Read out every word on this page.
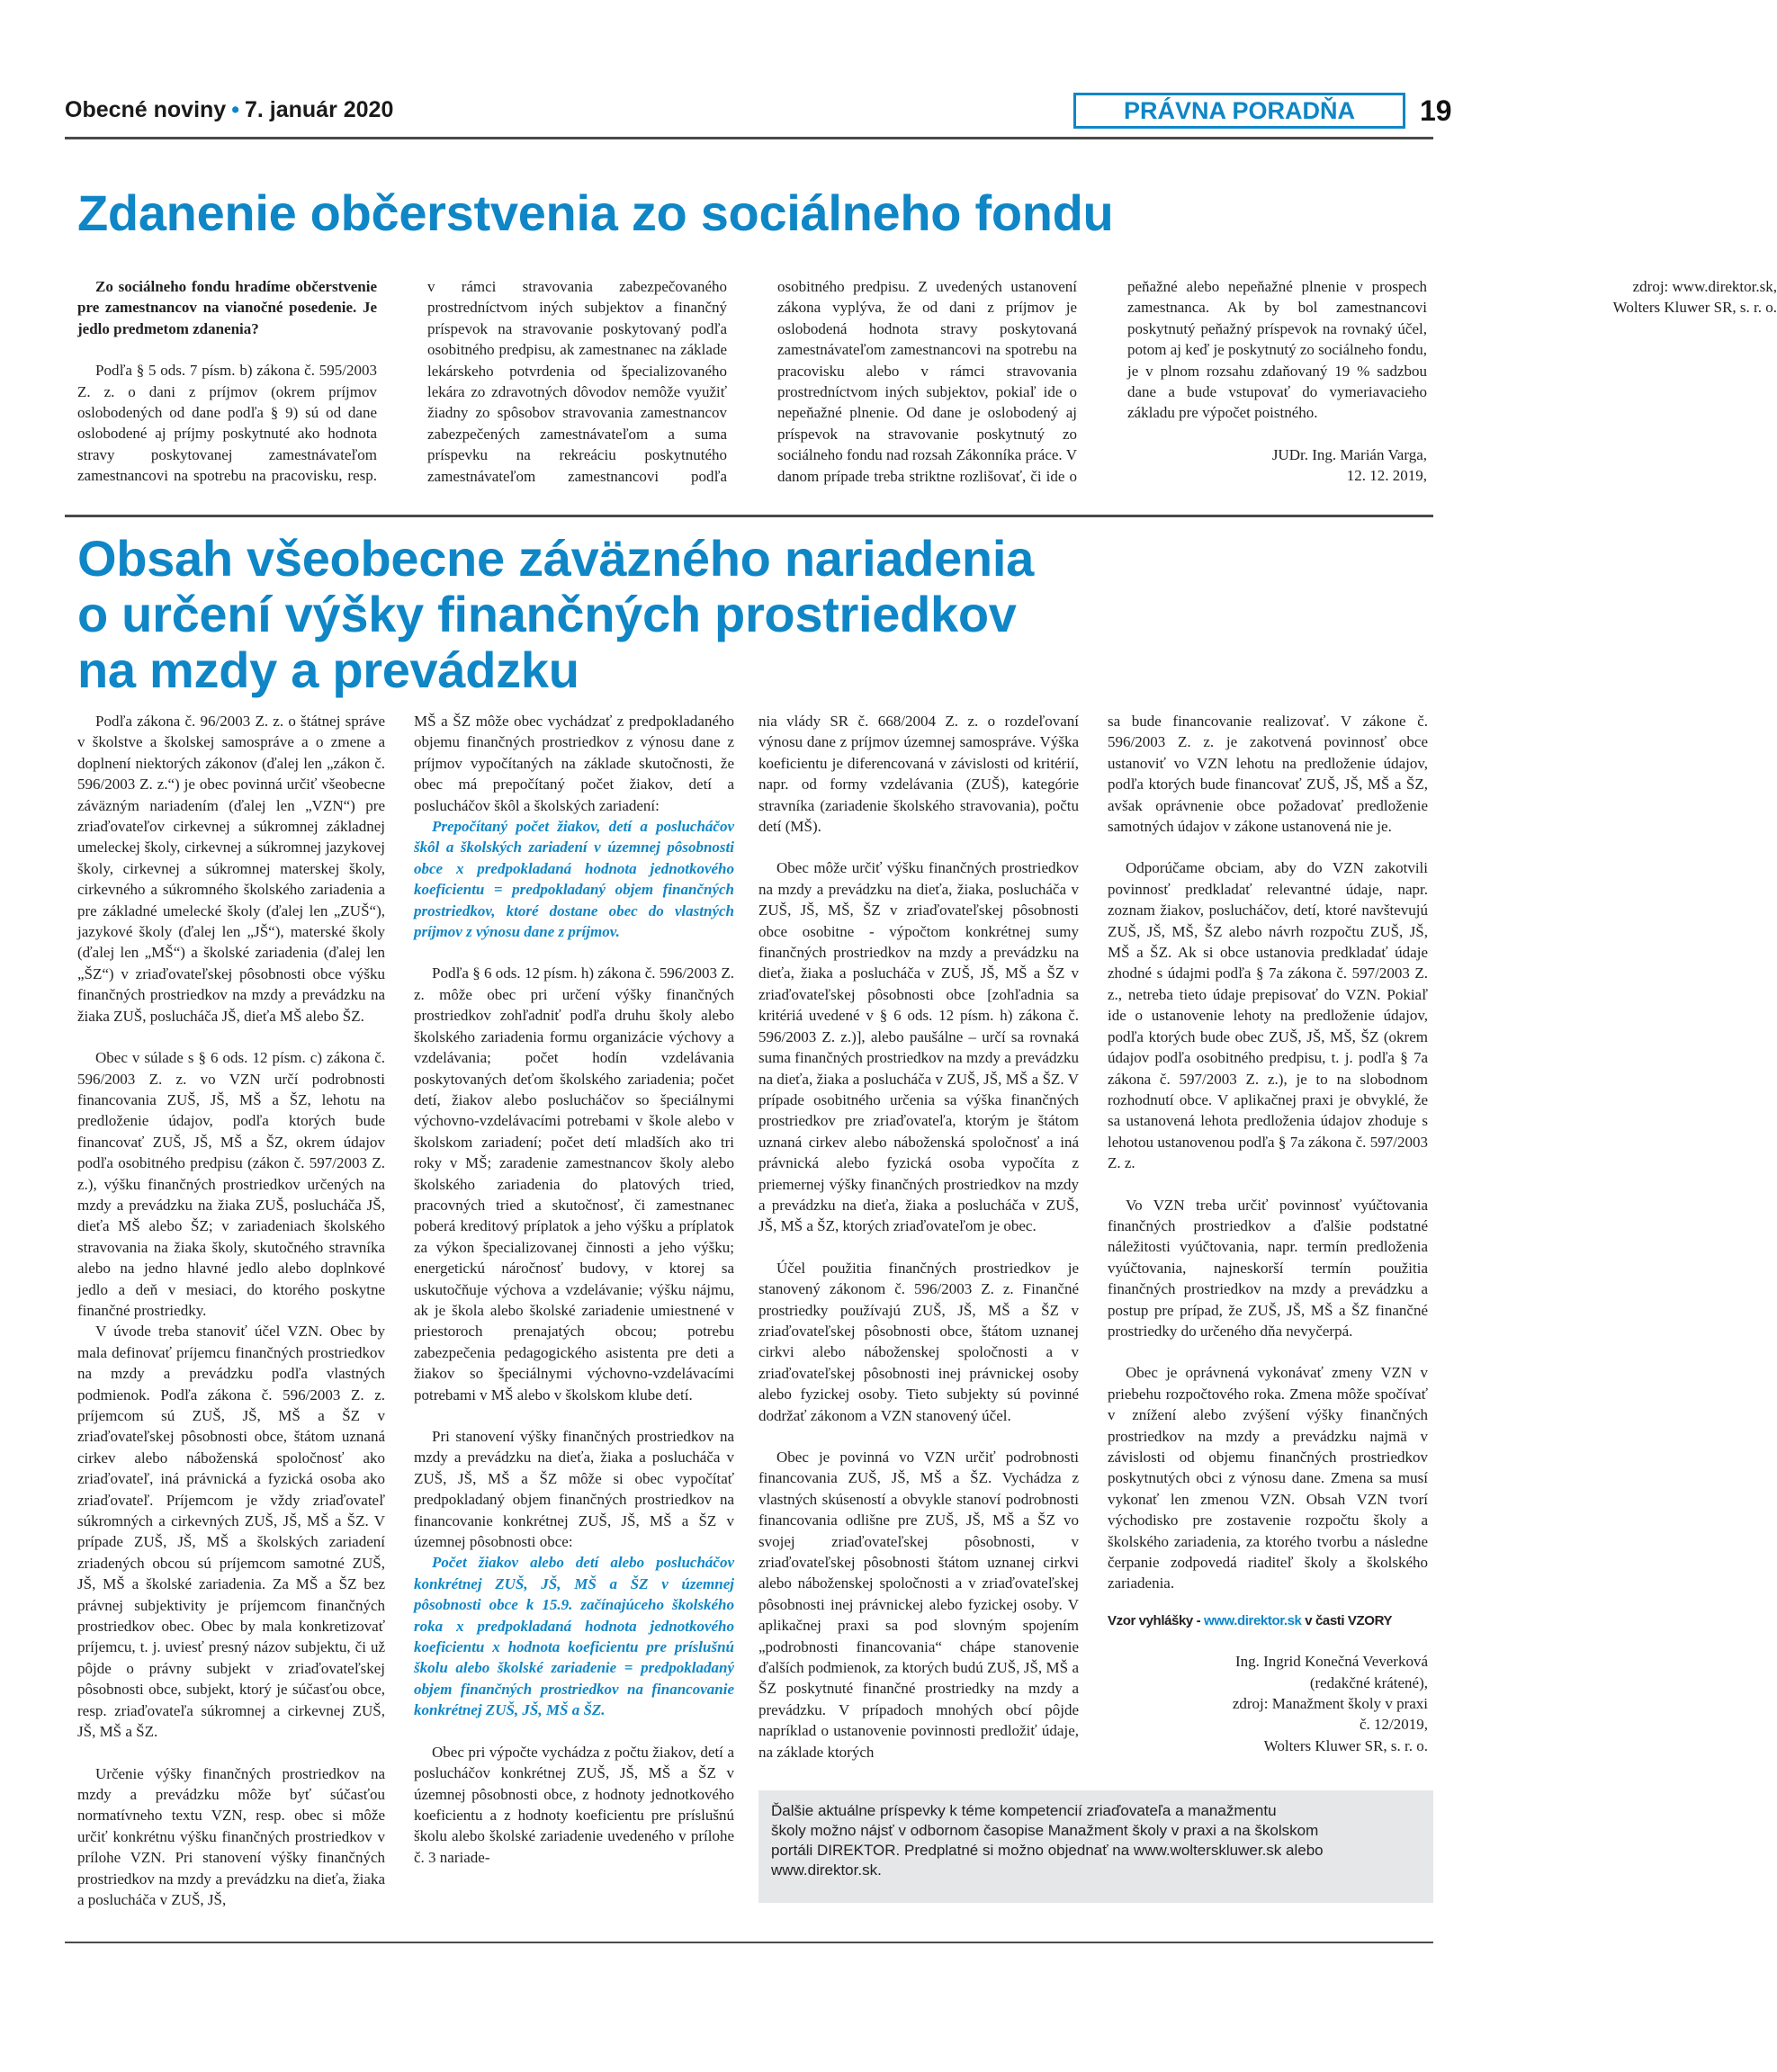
Obecné noviny • 7. január 2020	PRÁVNA PORADŇA	19
Zdanenie občerstvenia zo sociálneho fondu

Zo sociálneho fondu hradíme občerstvenie pre zamestnancov na vianočné posedenie. Je jedlo predmetom zdanenia?

Podľa § 5 ods. 7 písm. b) zákona č. 595/2003 Z. z. o dani z príjmov (okrem príjmov oslobodených od dane podľa § 9) sú od dane oslobodené aj príjmy poskytnuté ako hodnota stravy poskytovanej zamestnávateľom zamestnancovi na spotrebu na pracovisku, resp. v rámci stravovania zabezpečovaného prostredníctvom iných subjektov a finančný príspevok na stravovanie poskytovaný podľa osobitného predpisu, ak zamestnanec na základe lekárskeho potvrdenia od špecializovaného lekára zo zdravotných dôvodov nemôže využiť žiadny zo spôsobov stravovania zamestnancov zabezpečených zamestnávateľom a suma príspevku na rekreáciu poskytnutého zamestnávateľom zamestnancovi podľa osobitného predpisu. Z uvedených ustanovení zákona vyplýva, že od dani z príjmov je oslobodená hodnota stravy poskytovaná zamestnávateľom zamestnancovi na spotrebu na pracovisku alebo v rámci stravovania prostredníctvom iných subjektov, pokiaľ ide o nepeňažné plnenie. Od dane je oslobodený aj príspevok na stravovanie poskytnutý zo sociálneho fondu nad rozsah Zákonníka práce. V danom prípade treba striktne rozlišovať, či ide o peňažné alebo nepeňažné plnenie v prospech zamestnanca. Ak by bol zamestnancovi poskytnutý peňažný príspevok na rovnaký účel, potom aj keď je poskytnutý zo sociálneho fondu, je v plnom rozsahu zdaňovaný 19 % sadzbou dane a bude vstupovať do vymeriavacieho základu pre výpočet poistného.

JUDr. Ing. Marián Varga,

12. 12. 2019,

zdroj: www.direktor.sk,

Wolters Kluwer SR, s. r. o.

Obsah všeobecne záväzného nariadenia
o určení výšky finančných prostriedkov
na mzdy a prevádzku

Podľa zákona č. 96/2003 Z. z. o štátnej správe v školstve a školskej samospráve a o zmene a doplnení niektorých zákonov (ďalej len „zákon č. 596/2003 Z. z.“) je obec povinná určiť všeobecne záväzným nariadením (ďalej len „VZN“) pre zriaďovateľov cirkevnej a súkromnej základnej umeleckej školy, cirkevnej a súkromnej jazykovej školy, cirkevnej a súkromnej materskej školy, cirkevného a súkromného školského zariadenia a pre základné umelecké školy (ďalej len „ZUŠ“), jazykové školy (ďalej len „JŠ“), materské školy (ďalej len „MŠ“) a školské zariadenia (ďalej len „ŠZ“) v zriaďovateľskej pôsobnosti obce výšku finančných prostriedkov na mzdy a prevádzku na žiaka ZUŠ, poslucháča JŠ, dieťa MŠ alebo ŠZ.

Obec v súlade s § 6 ods. 12 písm. c) zákona č. 596/2003 Z. z. vo VZN určí podrobnosti financovania ZUŠ, JŠ, MŠ a ŠZ, lehotu na predloženie údajov, podľa ktorých bude financovať ZUŠ, JŠ, MŠ a ŠZ, okrem údajov podľa osobitného predpisu (zákon č. 597/2003 Z. z.), výšku finančných prostriedkov určených na mzdy a prevádzku na žiaka ZUŠ, poslucháča JŠ, dieťa MŠ alebo ŠZ; v zariadeniach školského stravovania na žiaka školy, skutočného stravníka alebo na jedno hlavné jedlo alebo doplnkové jedlo a deň v mesiaci, do ktorého poskytne finančné prostriedky.

V úvode treba stanoviť účel VZN. Obec by mala definovať príjemcu finančných prostriedkov na mzdy a prevádzku podľa vlastných podmienok. Podľa zákona č. 596/2003 Z. z. príjemcom sú ZUŠ, JŠ, MŠ a ŠZ v zriaďovateľskej pôsobnosti obce, štátom uznaná cirkev alebo náboženská spoločnosť ako zriaďovateľ, iná právnická a fyzická osoba ako zriaďovateľ. Príjemcom je vždy zriaďovateľ súkromných a cirkevných ZUŠ, JŠ, MŠ a ŠZ. V prípade ZUŠ, JŠ, MŠ a školských zariadení zriadených obcou sú príjemcom samotné ZUŠ, JŠ, MŠ a školské zariadenia. Za MŠ a ŠZ bez právnej subjektivity je príjemcom finančných prostriedkov obec. Obec by mala konkretizovať príjemcu, t. j. uviesť presný názov subjektu, či už pôjde o právny subjekt v zriaďovateľskej pôsobnosti obce, subjekt, ktorý je súčasťou obce, resp. zriaďovateľa súkromnej a cirkevnej ZUŠ, JŠ, MŠ a ŠZ.

Určenie výšky finančných prostriedkov na mzdy a prevádzku môže byť súčasťou normatívneho textu VZN, resp. obec si môže určiť konkrétnu výšku finančných prostriedkov v prílohe VZN. Pri stanovení výšky finančných prostriedkov na mzdy a prevádzku na dieťa, žiaka a poslucháča v ZUŠ, JŠ,

MŠ a ŠZ môže obec vychádzať z predpokladaného objemu finančných prostriedkov z výnosu dane z príjmov vypočítaných na základe skutočnosti, že obec má prepočítaný počet žiakov, detí a poslucháčov škôl a školských zariadení:

Prepočítaný počet žiakov, detí a poslucháčov škôl a školských zariadení v územnej pôsobnosti obce x predpokladaná hodnota jednotkového koeficientu = predpokladaný objem finančných prostriedkov, ktoré dostane obec do vlastných príjmov z výnosu dane z príjmov.

Podľa § 6 ods. 12 písm. h) zákona č. 596/2003 Z. z. môže obec pri určení výšky finančných prostriedkov zohľadniť podľa druhu školy alebo školského zariadenia formu organizácie výchovy a vzdelávania; počet hodín vzdelávania poskytovaných deťom školského zariadenia; počet detí, žiakov alebo poslucháčov so špeciálnymi výchovno-vzdelávacími potrebami v škole alebo v školskom zariadení; počet detí mladších ako tri roky v MŠ; zaradenie zamestnancov školy alebo školského zariadenia do platových tried, pracovných tried a skutočnosť, či zamestnanec poberá kreditový príplatok a jeho výšku a príplatok za výkon špecializovanej činnosti a jeho výšku; energetickú náročnosť budovy, v ktorej sa uskutočňuje výchova a vzdelávanie; výšku nájmu, ak je škola alebo školské zariadenie umiestnené v priestoroch prenajatých obcou; potrebu zabezpečenia pedagogického asistenta pre deti a žiakov so špeciálnymi výchovno-vzdelávacími potrebami v MŠ alebo v školskom klube detí.

Pri stanovení výšky finančných prostriedkov na mzdy a prevádzku na dieťa, žiaka a poslucháča v ZUŠ, JŠ, MŠ a ŠZ môže si obec vypočítať predpokladaný objem finančných prostriedkov na financovanie konkrétnej ZUŠ, JŠ, MŠ a ŠZ v územnej pôsobnosti obce:

Počet žiakov alebo detí alebo poslucháčov konkrétnej ZUŠ, JŠ, MŠ a ŠZ v územnej pôsobnosti obce k 15.9. začínajúceho školského roka x predpokladaná hodnota jednotkového koeficientu x hodnota koeficientu pre príslušnú školu alebo školské zariadenie = predpokladaný objem finančných prostriedkov na financovanie konkrétnej ZUŠ, JŠ, MŠ a ŠZ.

Obec pri výpočte vychádza z počtu žiakov, detí a poslucháčov konkrétnej ZUŠ, JŠ, MŠ a ŠZ v územnej pôsobnosti obce, z hodnoty jednotkového koeficientu a z hodnoty koeficientu pre príslušnú školu alebo školské zariadenie uvedeného v prílohe č. 3 nariade-

nia vlády SR č. 668/2004 Z. z. o rozdeľovaní výnosu dane z príjmov územnej samospráve. Výška koeficientu je diferencovaná v závislosti od kritérií, napr. od formy vzdelávania (ZUŠ), kategórie stravníka (zariadenie školského stravovania), počtu detí (MŠ).

Obec môže určiť výšku finančných prostriedkov na mzdy a prevádzku na dieťa, žiaka, poslucháča v ZUŠ, JŠ, MŠ, ŠZ v zriaďovateľskej pôsobnosti obce osobitne - výpočtom konkrétnej sumy finančných prostriedkov na mzdy a prevádzku na dieťa, žiaka a poslucháča v ZUŠ, JŠ, MŠ a ŠZ v zriaďovateľskej pôsobnosti obce [zohľadnia sa kritériá uvedené v § 6 ods. 12 písm. h) zákona č. 596/2003 Z. z.)], alebo paušálne – určí sa rovnaká suma finančných prostriedkov na mzdy a prevádzku na dieťa, žiaka a poslucháča v ZUŠ, JŠ, MŠ a ŠZ. V prípade osobitného určenia sa výška finančných prostriedkov pre zriaďovateľa, ktorým je štátom uznaná cirkev alebo náboženská spoločnosť a iná právnická alebo fyzická osoba vypočíta z priemernej výšky finančných prostriedkov na mzdy a prevádzku na dieťa, žiaka a poslucháča v ZUŠ, JŠ, MŠ a ŠZ, ktorých zriaďovateľom je obec.

Účel použitia finančných prostriedkov je stanovený zákonom č. 596/2003 Z. z. Finančné prostriedky používajú ZUŠ, JŠ, MŠ a ŠZ v zriaďovateľskej pôsobnosti obce, štátom uznanej cirkvi alebo náboženskej spoločnosti a v zriaďovateľskej pôsobnosti inej právnickej osoby alebo fyzickej osoby. Tieto subjekty sú povinné dodržať zákonom a VZN stanovený účel.

Obec je povinná vo VZN určiť podrobnosti financovania ZUŠ, JŠ, MŠ a ŠZ. Vychádza z vlastných skúseností a obvykle stanoví podrobnosti financovania odlišne pre ZUŠ, JŠ, MŠ a ŠZ vo svojej zriaďovateľskej pôsobnosti, v zriaďovateľskej pôsobnosti štátom uznanej cirkvi alebo náboženskej spoločnosti a v zriaďovateľskej pôsobnosti inej právnickej alebo fyzickej osoby. V aplikačnej praxi sa pod slovným spojením „podrobnosti financovania“ chápe stanovenie ďalších podmienok, za ktorých budú ZUŠ, JŠ, MŠ a ŠZ poskytnuté finančné prostriedky na mzdy a prevádzku. V prípadoch mnohých obcí pôjde napríklad o ustanovenie povinnosti predložiť údaje, na základe ktorých

sa bude financovanie realizovať. V zákone č. 596/2003 Z. z. je zakotvená povinnosť obce ustanoviť vo VZN lehotu na predloženie údajov, podľa ktorých bude financovať ZUŠ, JŠ, MŠ a ŠZ, avšak oprávnenie obce požadovať predloženie samotných údajov v zákone ustanovená nie je.

Odporúčame obciam, aby do VZN zakotvili povinnosť predkladať relevantné údaje, napr. zoznam žiakov, poslucháčov, detí, ktoré navštevujú ZUŠ, JŠ, MŠ, ŠZ alebo návrh rozpočtu ZUŠ, JŠ, MŠ a ŠZ. Ak si obce ustanovia predkladať údaje zhodné s údajmi podľa § 7a zákona č. 597/2003 Z. z., netreba tieto údaje prepisovať do VZN. Pokiaľ ide o ustanovenie lehoty na predloženie údajov, podľa ktorých bude obec ZUŠ, JŠ, MŠ, ŠZ (okrem údajov podľa osobitného predpisu, t. j. podľa § 7a zákona č. 597/2003 Z. z.), je to na slobodnom rozhodnutí obce. V aplikačnej praxi je obvyklé, že sa ustanovená lehota predloženia údajov zhoduje s lehotou ustanovenou podľa § 7a zákona č. 597/2003 Z. z.

Vo VZN treba určiť povinnosť vyúčtovania finančných prostriedkov a ďalšie podstatné náležitosti vyúčtovania, napr. termín predloženia vyúčtovania, najneskorší termín použitia finančných prostriedkov na mzdy a prevádzku a postup pre prípad, že ZUŠ, JŠ, MŠ a ŠZ finančné prostriedky do určeného dňa nevyčerpá.

Obec je oprávnená vykonávať zmeny VZN v priebehu rozpočtového roka. Zmena môže spočívať v znížení alebo zvýšení výšky finančných prostriedkov na mzdy a prevádzku najmä v závislosti od objemu finančných prostriedkov poskytnutých obci z výnosu dane. Zmena sa musí vykonať len zmenou VZN. Obsah VZN tvorí východisko pre zostavenie rozpočtu školy a školského zariadenia, za ktorého tvorbu a následne čerpanie zodpovedá riaditeľ školy a školského zariadenia.

Vzor vyhlášky - www.direktor.sk v časti VZORY

Ing. Ingrid Konečná Veverková

(redakčné krátené),

zdroj: Manažment školy v praxi

č. 12/2019,

Wolters Kluwer SR, s. r. o.

Ďalšie aktuálne príspevky k téme kompetencií zriaďovateľa a manažmentu
školy možno nájsť v odbornom časopise Manažment školy v praxi a na školskom
portáli DIREKTOR. Predplatné si možno objednať na www.wolterskluwer.sk alebo
www.direktor.sk.
